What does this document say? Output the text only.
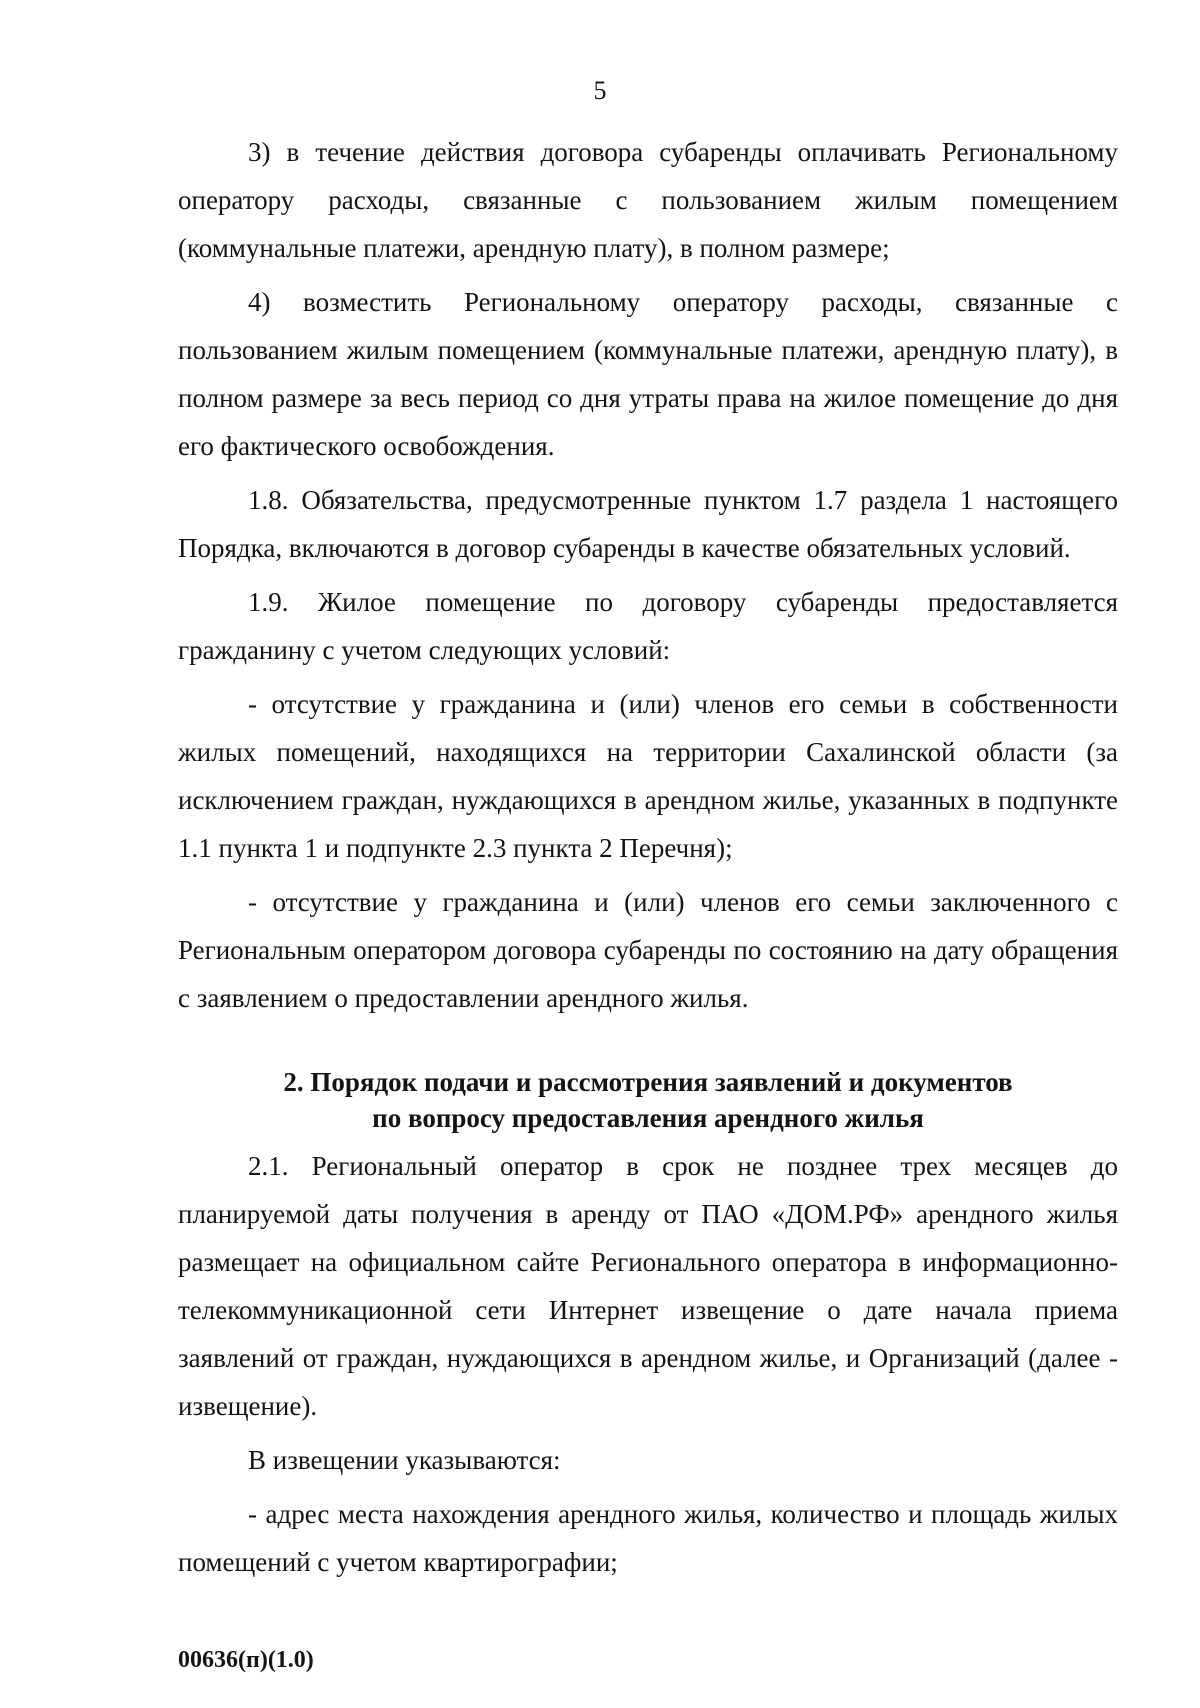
5

3) в течение действия договора субаренды оплачивать Региональному оператору расходы, связанные с пользованием жилым помещением (коммунальные платежи, арендную плату), в полном размере;

4) возместить Региональному оператору расходы, связанные с пользованием жилым помещением (коммунальные платежи, арендную плату), в полном размере за весь период со дня утраты права на жилое помещение до дня его фактического освобождения.

1.8. Обязательства, предусмотренные пунктом 1.7 раздела 1 настоящего Порядка, включаются в договор субаренды в качестве обязательных условий.

1.9. Жилое помещение по договору субаренды предоставляется гражданину с учетом следующих условий:

- отсутствие у гражданина и (или) членов его семьи в собственности жилых помещений, находящихся на территории Сахалинской области (за исключением граждан, нуждающихся в арендном жилье, указанных в подпункте 1.1 пункта 1 и подпункте 2.3 пункта 2 Перечня);

- отсутствие у гражданина и (или) членов его семьи заключенного с Региональным оператором договора субаренды по состоянию на дату обращения с заявлением о предоставлении арендного жилья.

2. Порядок подачи и рассмотрения заявлений и документов
по вопросу предоставления арендного жилья

2.1. Региональный оператор в срок не позднее трех месяцев до планируемой даты получения в аренду от ПАО «ДОМ.РФ» арендного жилья размещает на официальном сайте Регионального оператора в информационно-телекоммуникационной сети Интернет извещение о дате начала приема заявлений от граждан, нуждающихся в арендном жилье, и Организаций (далее - извещение).

В извещении указываются:

- адрес места нахождения арендного жилья, количество и площадь жилых помещений с учетом квартирографии;

00636(п)(1.0)
